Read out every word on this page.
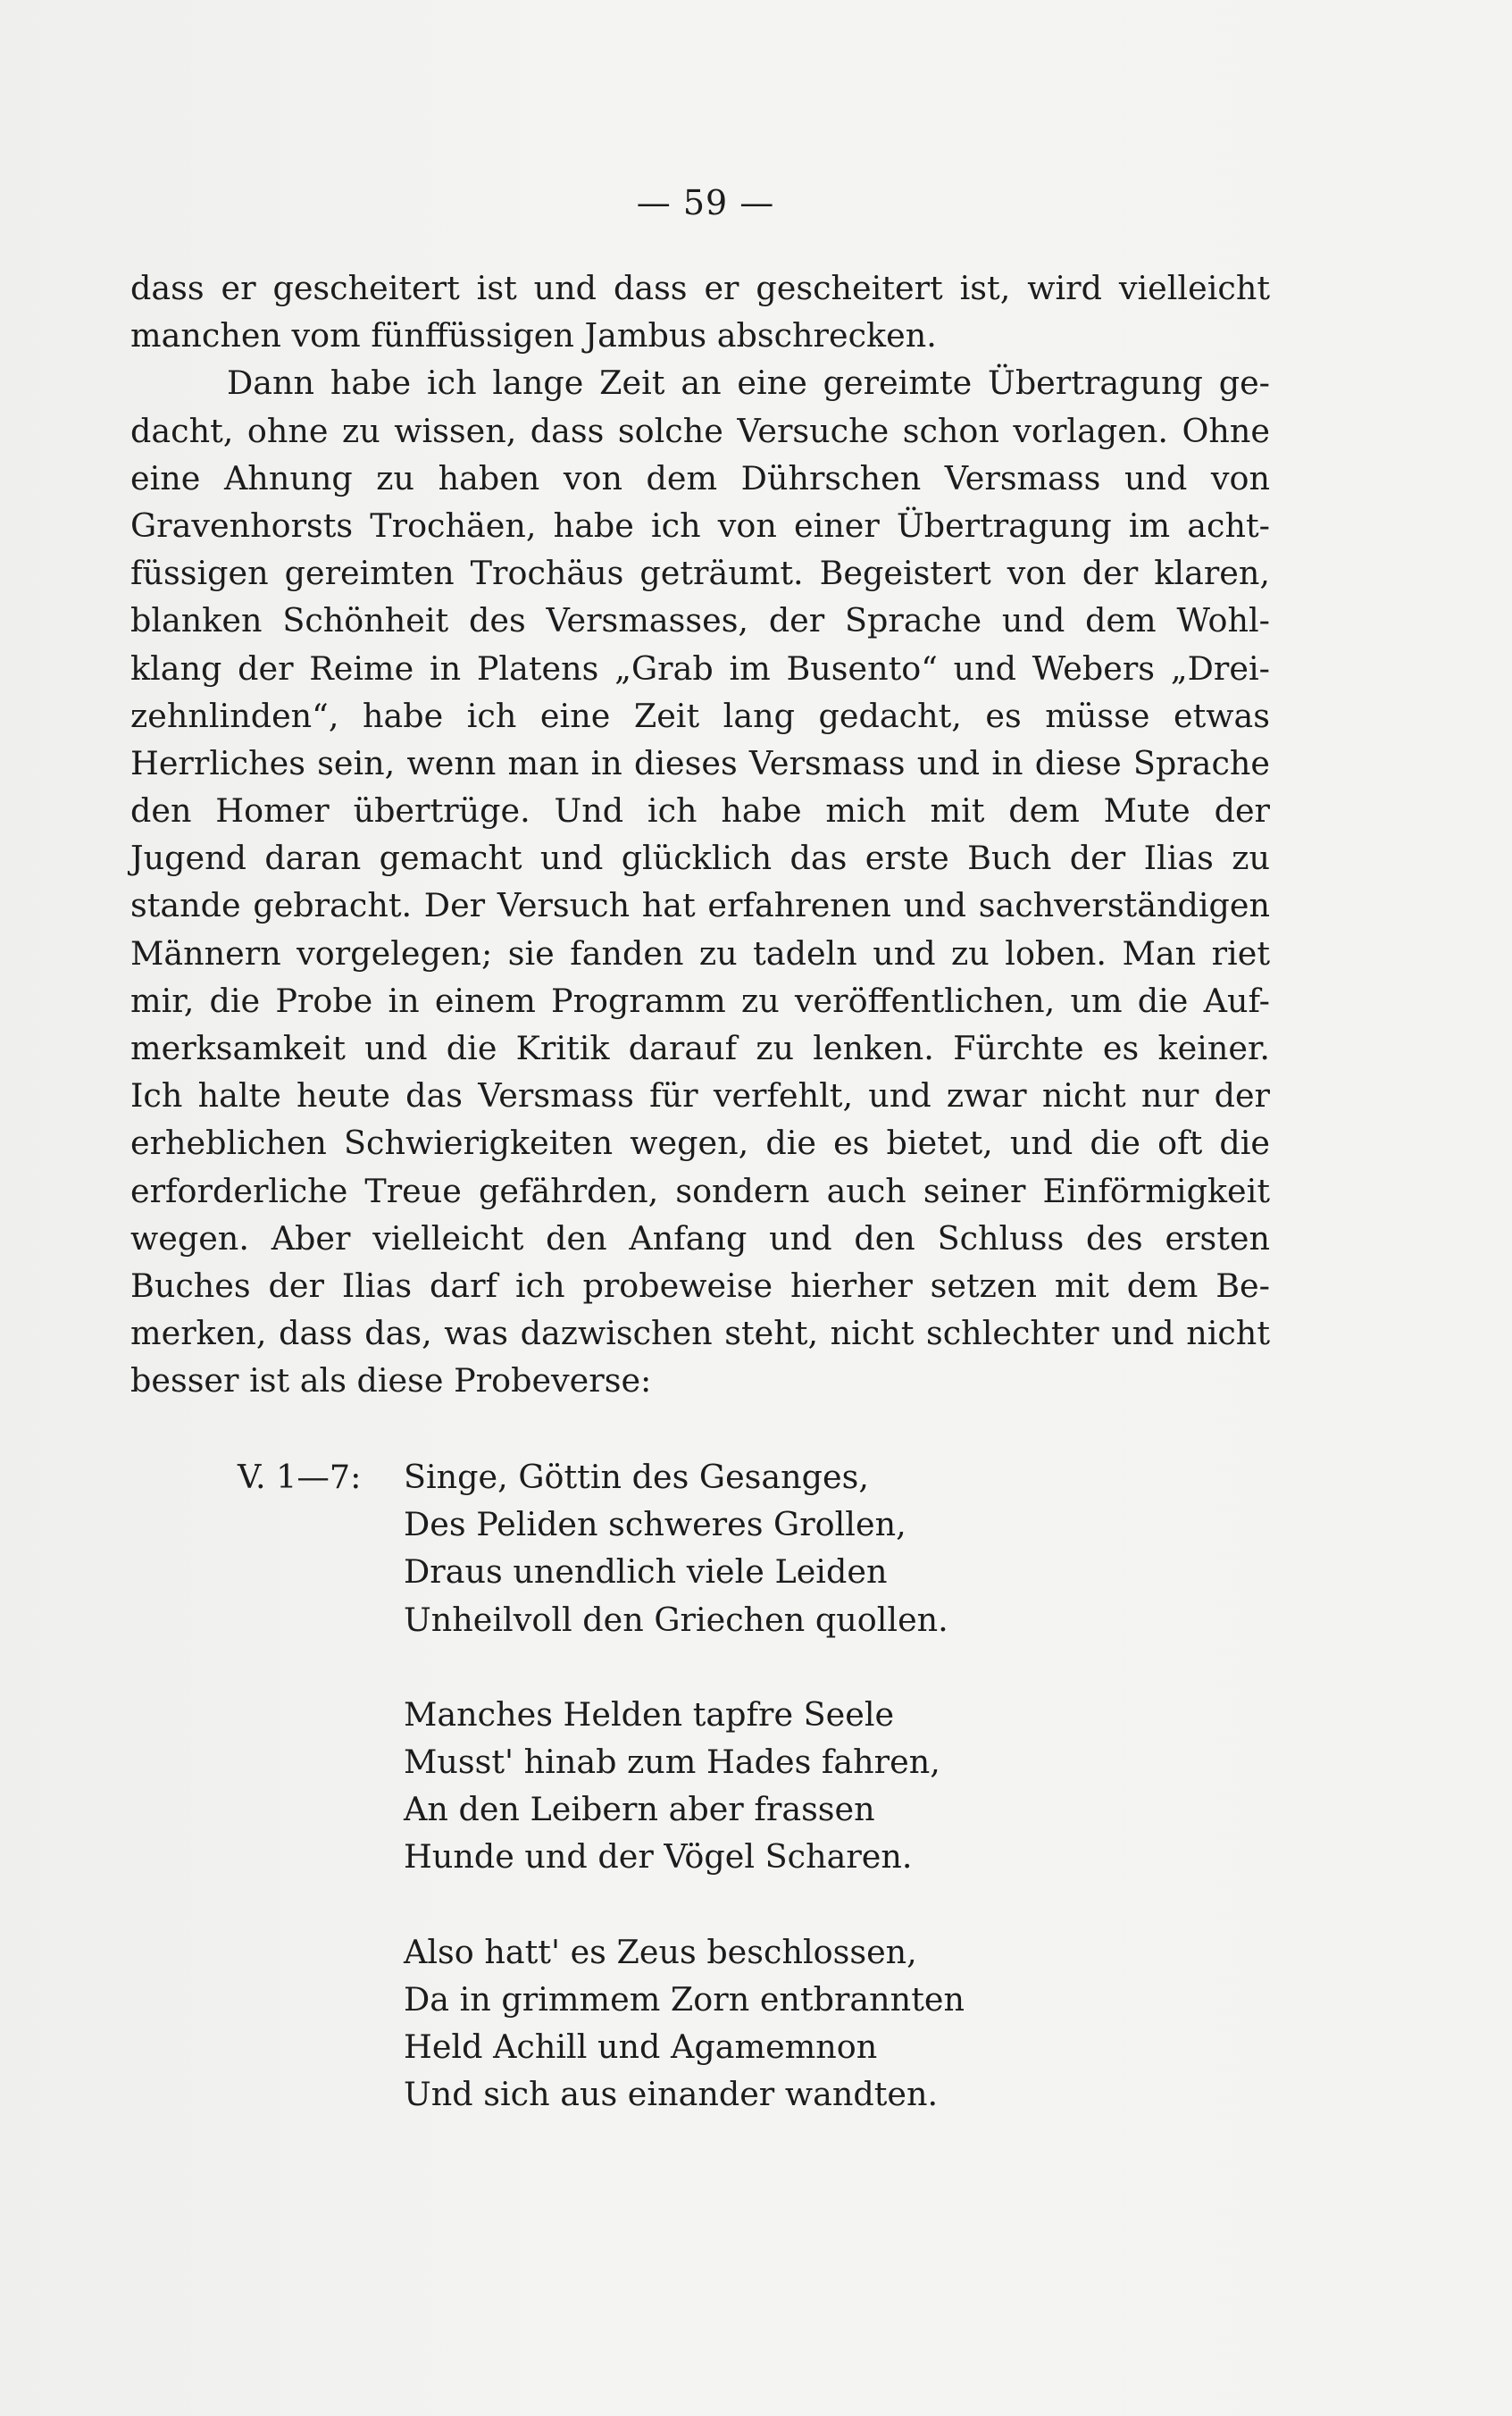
— 59 —
dass er gescheitert ist und dass er gescheitert ist, wird vielleicht
manchen vom fünffüssigen Jambus abschrecken.
Dann habe ich lange Zeit an eine gereimte Übertragung ge-
dacht, ohne zu wissen, dass solche Versuche schon vorlagen. Ohne
eine Ahnung zu haben von dem Dührschen Versmass und von
Gravenhorsts Trochäen, habe ich von einer Übertragung im acht-
füssigen gereimten Trochäus geträumt. Begeistert von der klaren,
blanken Schönheit des Versmasses, der Sprache und dem Wohl-
klang der Reime in Platens „Grab im Busento“ und Webers „Drei-
zehnlinden“, habe ich eine Zeit lang gedacht, es müsse etwas
Herrliches sein, wenn man in dieses Versmass und in diese Sprache
den Homer übertrüge. Und ich habe mich mit dem Mute der
Jugend daran gemacht und glücklich das erste Buch der Ilias zu
stande gebracht. Der Versuch hat erfahrenen und sachverständigen
Männern vorgelegen; sie fanden zu tadeln und zu loben. Man riet
mir, die Probe in einem Programm zu veröffentlichen, um die Auf-
merksamkeit und die Kritik darauf zu lenken. Fürchte es keiner.
Ich halte heute das Versmass für verfehlt, und zwar nicht nur der
erheblichen Schwierigkeiten wegen, die es bietet, und die oft die
erforderliche Treue gefährden, sondern auch seiner Einförmigkeit
wegen. Aber vielleicht den Anfang und den Schluss des ersten
Buches der Ilias darf ich probeweise hierher setzen mit dem Be-
merken, dass das, was dazwischen steht, nicht schlechter und nicht
besser ist als diese Probeverse:
V. 1—7: Singe, Göttin des Gesanges,
Des Peliden schweres Grollen,
Draus unendlich viele Leiden
Unheilvoll den Griechen quollen.
Manches Helden tapfre Seele
Musst' hinab zum Hades fahren,
An den Leibern aber frassen
Hunde und der Vögel Scharen.
Also hatt' es Zeus beschlossen,
Da in grimmem Zorn entbrannten
Held Achill und Agamemnon
Und sich aus einander wandten.
